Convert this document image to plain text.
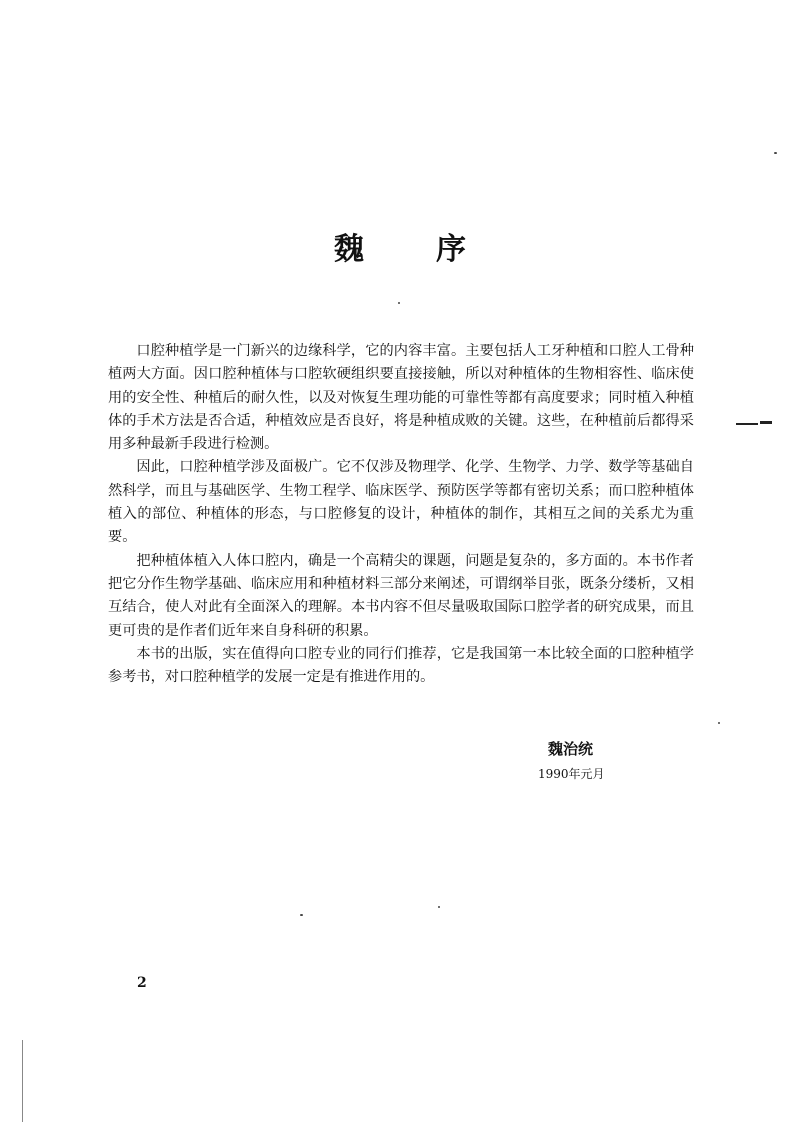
魏 序

口腔种植学是一门新兴的边缘科学，它的内容丰富。主要包括人工牙种植和口腔人工骨种植两大方面。因口腔种植体与口腔软硬组织要直接接触，所以对种植体的生物相容性、临床使用的安全性、种植后的耐久性，以及对恢复生理功能的可靠性等都有高度要求；同时植入种植体的手术方法是否合适，种植效应是否良好，将是种植成败的关键。这些，在种植前后都得采用多种最新手段进行检测。

因此，口腔种植学涉及面极广。它不仅涉及物理学、化学、生物学、力学、数学等基础自然科学，而且与基础医学、生物工程学、临床医学、预防医学等都有密切关系；而口腔种植体植入的部位、种植体的形态，与口腔修复的设计，种植体的制作，其相互之间的关系尤为重要。

把种植体植入人体口腔内，确是一个高精尖的课题，问题是复杂的，多方面的。本书作者把它分作生物学基础、临床应用和种植材料三部分来阐述，可谓纲举目张，既条分缕析，又相互结合，使人对此有全面深入的理解。本书内容不但尽量吸取国际口腔学者的研究成果，而且更可贵的是作者们近年来自身科研的积累。

本书的出版，实在值得向口腔专业的同行们推荐，它是我国第一本比较全面的口腔种植学参考书，对口腔种植学的发展一定是有推进作用的。

魏治统
1990年元月
2
